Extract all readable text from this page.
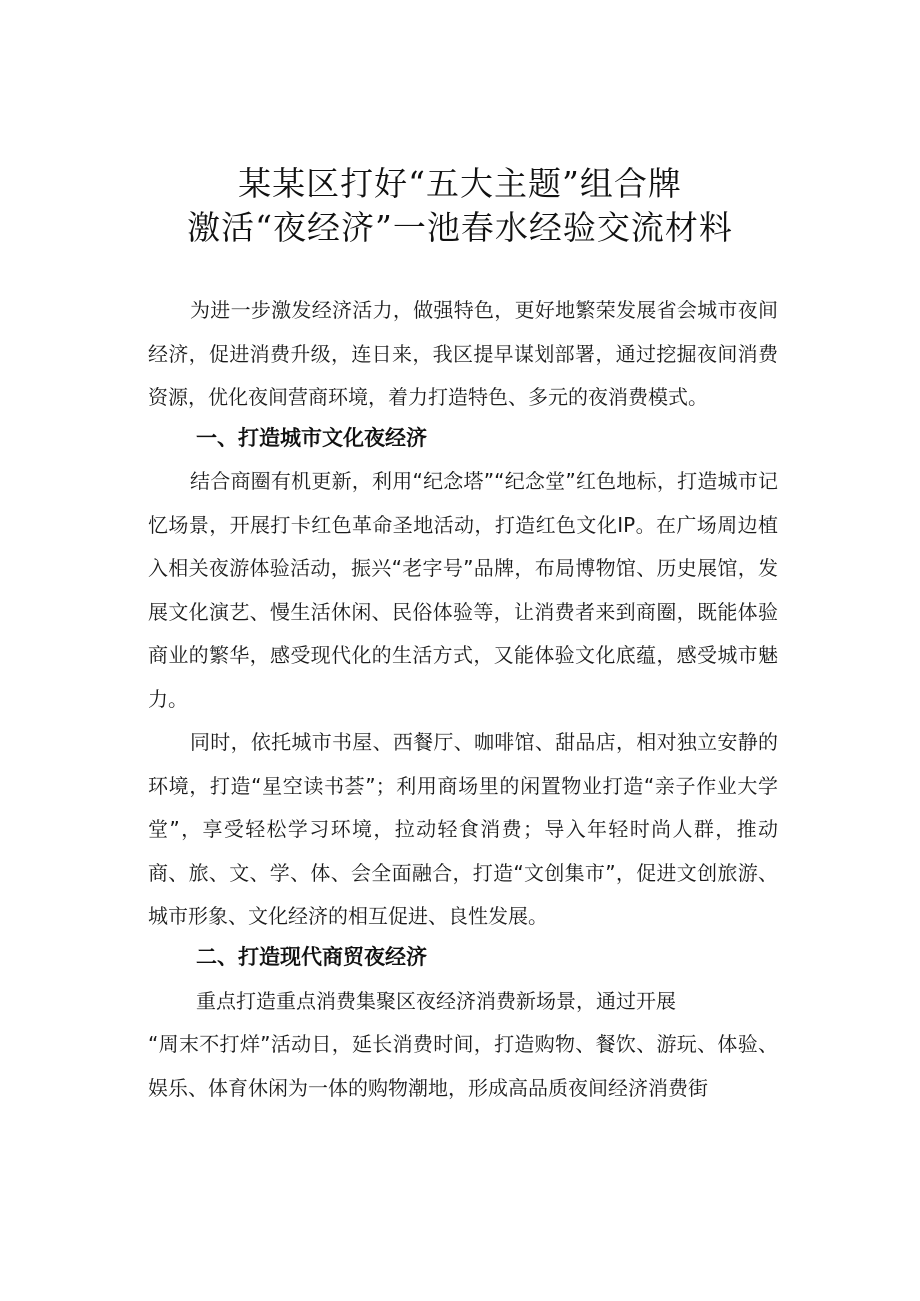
某某区打好“五大主题”组合牌
激活“夜经济”一池春水经验交流材料

为进一步激发经济活力，做强特色，更好地繁荣发展省会城市夜间经济，促进消费升级，连日来，我区提早谋划部署，通过挖掘夜间消费资源，优化夜间营商环境，着力打造特色、多元的夜消费模式。

一、打造城市文化夜经济

结合商圈有机更新，利用“纪念塔”“纪念堂”红色地标，打造城市记忆场景，开展打卡红色革命圣地活动，打造红色文化IP。在广场周边植入相关夜游体验活动，振兴“老字号”品牌，布局博物馆、历史展馆，发展文化演艺、慢生活休闲、民俗体验等，让消费者来到商圈，既能体验商业的繁华，感受现代化的生活方式，又能体验文化底蕴，感受城市魅力。

同时，依托城市书屋、西餐厅、咖啡馆、甜品店，相对独立安静的环境，打造“星空读书荟”；利用商场里的闲置物业打造“亲子作业大学堂”，享受轻松学习环境，拉动轻食消费；导入年轻时尚人群，推动商、旅、文、学、体、会全面融合，打造“文创集市”，促进文创旅游、城市形象、文化经济的相互促进、良性发展。

二、打造现代商贸夜经济
重点打造重点消费集聚区夜经济消费新场景，通过开展

“周末不打烊”活动日，延长消费时间，打造购物、餐饮、游玩、体验、娱乐、体育休闲为一体的购物潮地，形成高品质夜间经济消费街
